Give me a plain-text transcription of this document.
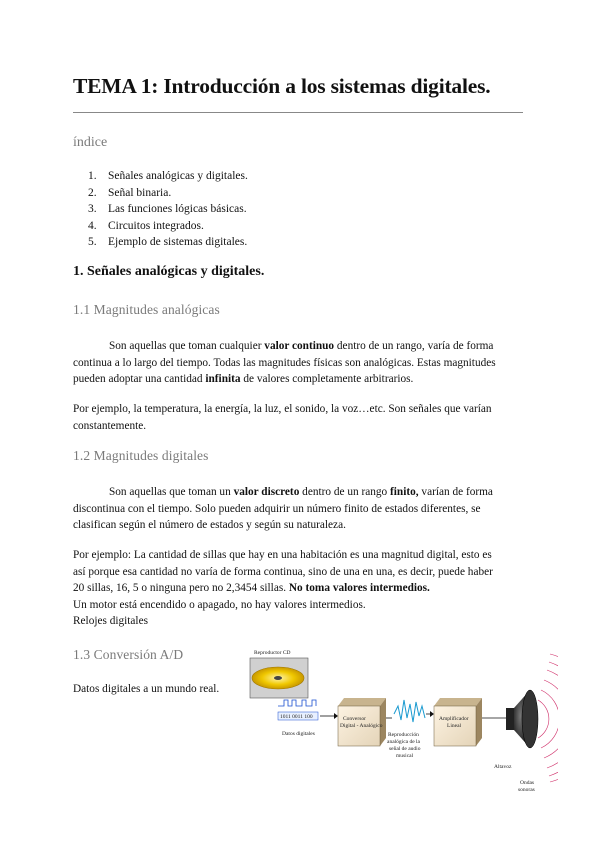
TEMA 1: Introducción a los sistemas digitales.
índice
1. Señales analógicas y digitales.
2. Señal binaria.
3. Las funciones lógicas básicas.
4. Circuitos integrados.
5. Ejemplo de sistemas digitales.
1. Señales analógicas y digitales.
1.1 Magnitudes analógicas
Son aquellas que toman cualquier valor continuo dentro de un rango, varía de forma
continua a lo largo del tiempo. Todas las magnitudes físicas son analógicas. Estas magnitudes
pueden adoptar una cantidad infinita de valores completamente arbitrarios.
Por ejemplo, la temperatura, la energía, la luz, el sonido, la voz…etc. Son señales que varían
constantemente.
1.2 Magnitudes digitales
Son aquellas que toman un valor discreto dentro de un rango finito, varían de forma
discontinua con el tiempo. Solo pueden adquirir un número finito de estados diferentes, se
clasifican según el número de estados y según su naturaleza.
Por ejemplo: La cantidad de sillas que hay en una habitación es una magnitud digital, esto es
así porque esa cantidad no varía de forma continua, sino de una en una, es decir, puede haber
20 sillas, 16, 5 o ninguna pero no 2,3454 sillas. No toma valores intermedios.
Un motor está encendido o apagado, no hay valores intermedios.
Relojes digitales
1.3 Conversión A/D
Datos digitales a un mundo real.
Reproductor CD
1011 0011 100
Datos digitales
Conversor
Digital - Analógico
Reproducción
analógica de la
señal de audio
musical
Amplificador
Lineal
Altavoz
Ondas
sonoras
